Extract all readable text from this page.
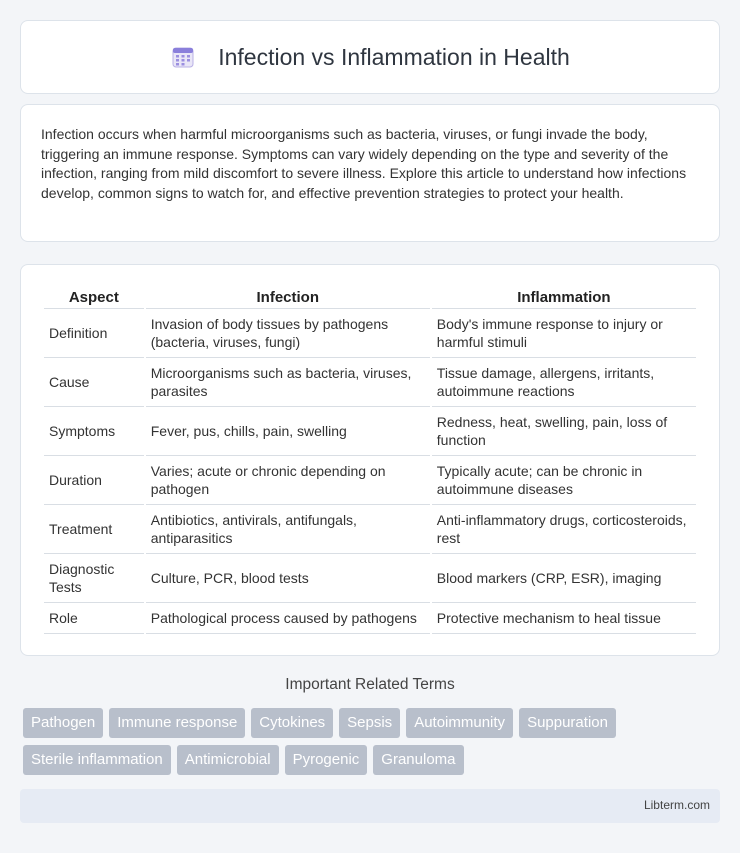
Infection vs Inflammation in Health

Infection occurs when harmful microorganisms such as bacteria, viruses, or fungi invade the body, triggering an immune response. Symptoms can vary widely depending on the type and severity of the infection, ranging from mild discomfort to severe illness. Explore this article to understand how infections develop, common signs to watch for, and effective prevention strategies to protect your health.

Aspect	Infection	Inflammation
Definition	Invasion of body tissues by pathogens (bacteria, viruses, fungi)	Body's immune response to injury or harmful stimuli
Cause	Microorganisms such as bacteria, viruses, parasites	Tissue damage, allergens, irritants, autoimmune reactions
Symptoms	Fever, pus, chills, pain, swelling	Redness, heat, swelling, pain, loss of function
Duration	Varies; acute or chronic depending on pathogen	Typically acute; can be chronic in autoimmune diseases
Treatment	Antibiotics, antivirals, antifungals, antiparasitics	Anti-inflammatory drugs, corticosteroids, rest
Diagnostic Tests	Culture, PCR, blood tests	Blood markers (CRP, ESR), imaging
Role	Pathological process caused by pathogens	Protective mechanism to heal tissue
Important Related Terms
Pathogen	Immune response	Cytokines	Sepsis	Autoimmunity	Suppuration
Sterile inflammation	Antimicrobial	Pyrogenic	Granuloma
Libterm.com
